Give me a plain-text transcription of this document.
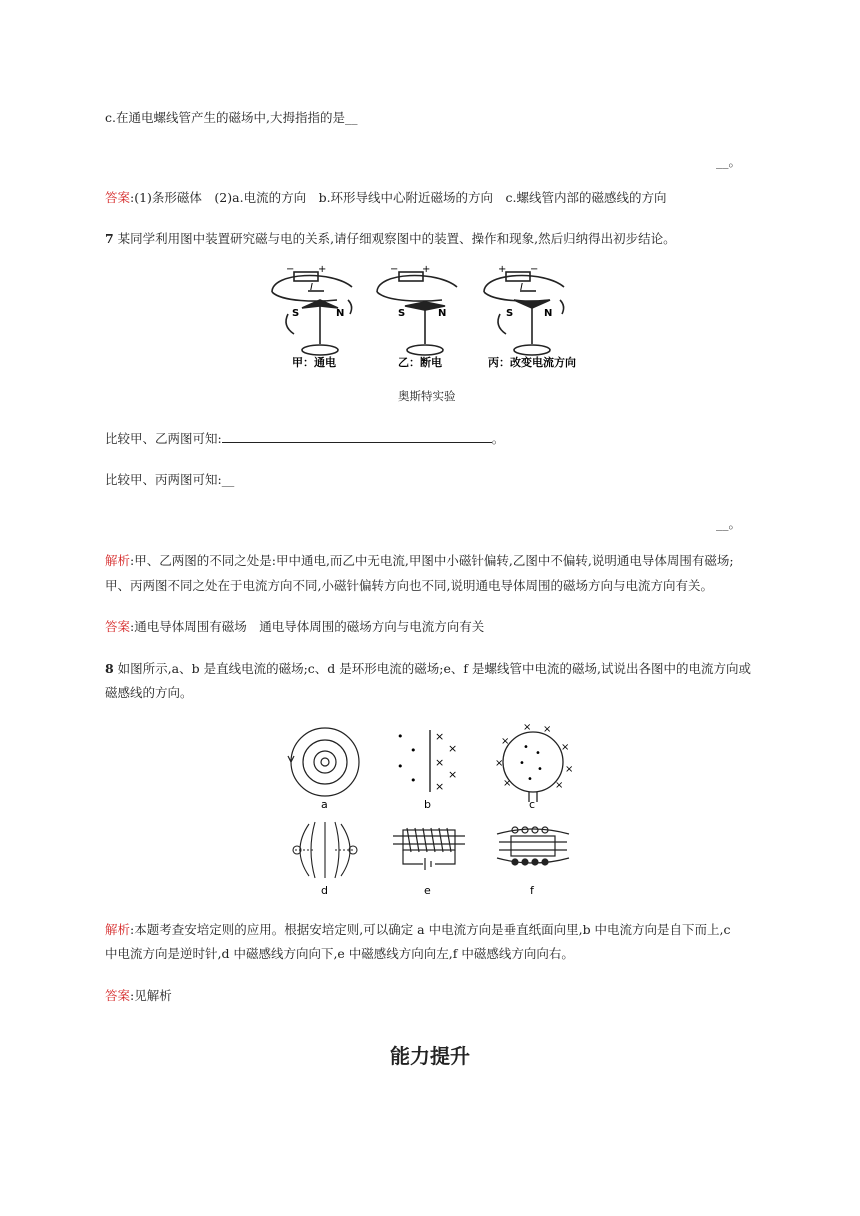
c.在通电螺线管产生的磁场中,大拇指指的是__
__。
答案:(1)条形磁体　(2)a.电流的方向　b.环形导线中心附近磁场的方向　c.螺线管内部的磁感线的方向
7 某同学利用图中装置研究磁与电的关系,请仔细观察图中的装置、操作和现象,然后归纳得出初步结论。
− +
I
S	N
甲：通电
− +
S	N
乙：断电
+ −
I
S	N
丙：改变电流方向
奥斯特实验
比较甲、乙两图可知:	。
比较甲、丙两图可知:__
__。
解析:甲、乙两图的不同之处是:甲中通电,而乙中无电流,甲图中小磁针偏转,乙图中不偏转,说明通电导体周围有磁场;
甲、丙两图不同之处在于电流方向不同,小磁针偏转方向也不同,说明通电导体周围的磁场方向与电流方向有关。
答案:通电导体周围有磁场　通电导体周围的磁场方向与电流方向有关
8 如图所示,a、b 是直线电流的磁场;c、d 是环形电流的磁场;e、f 是螺线管中电流的磁场,试说出各图中的电流方向或
磁感线的方向。
a
•
•
•
•
×
×
×
×
×
b
•
•
•
•
•
× ×
×
×
×
×
×	×
c
d	e	f
解析:本题考查安培定则的应用。根据安培定则,可以确定 a 中电流方向是垂直纸面向里,b 中电流方向是自下而上,c
中电流方向是逆时针,d 中磁感线方向向下,e 中磁感线方向向左,f 中磁感线方向向右。
答案:见解析
能力提升
